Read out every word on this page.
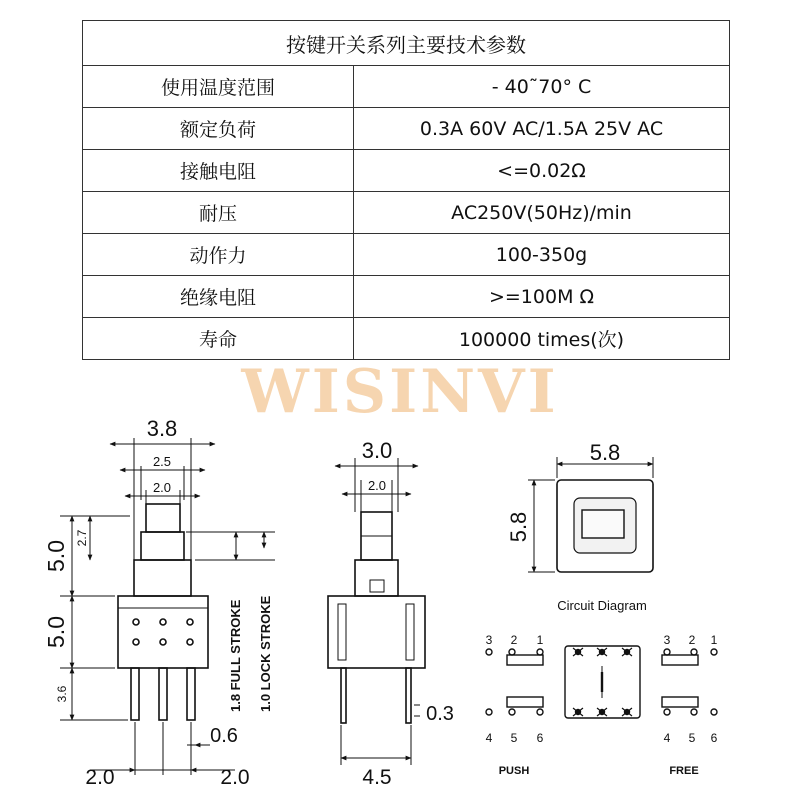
按键开关系列主要技术参数	
使用温度范围	- 40˜70° C
额定负荷	0.3A 60V AC/1.5A 25V AC
接触电阻	<=0.02Ω
耐压	AC250V(50Hz)/min
动作力	100-350g
绝缘电阻	>=100M Ω
寿命	100000 times(次)
WISINVI
3.8
2.5
2.0
5.0
5.0
3.6
2.7
1.8 FULL STROKE 1.0 LOCK STROKE
0.6
2.0	2.0
3.0
2.0
0.3
4.5
5.8
5.8
Circuit Diagram
3 2 1
4 5 6
3 2 1
4 5 6
PUSH	FREE
